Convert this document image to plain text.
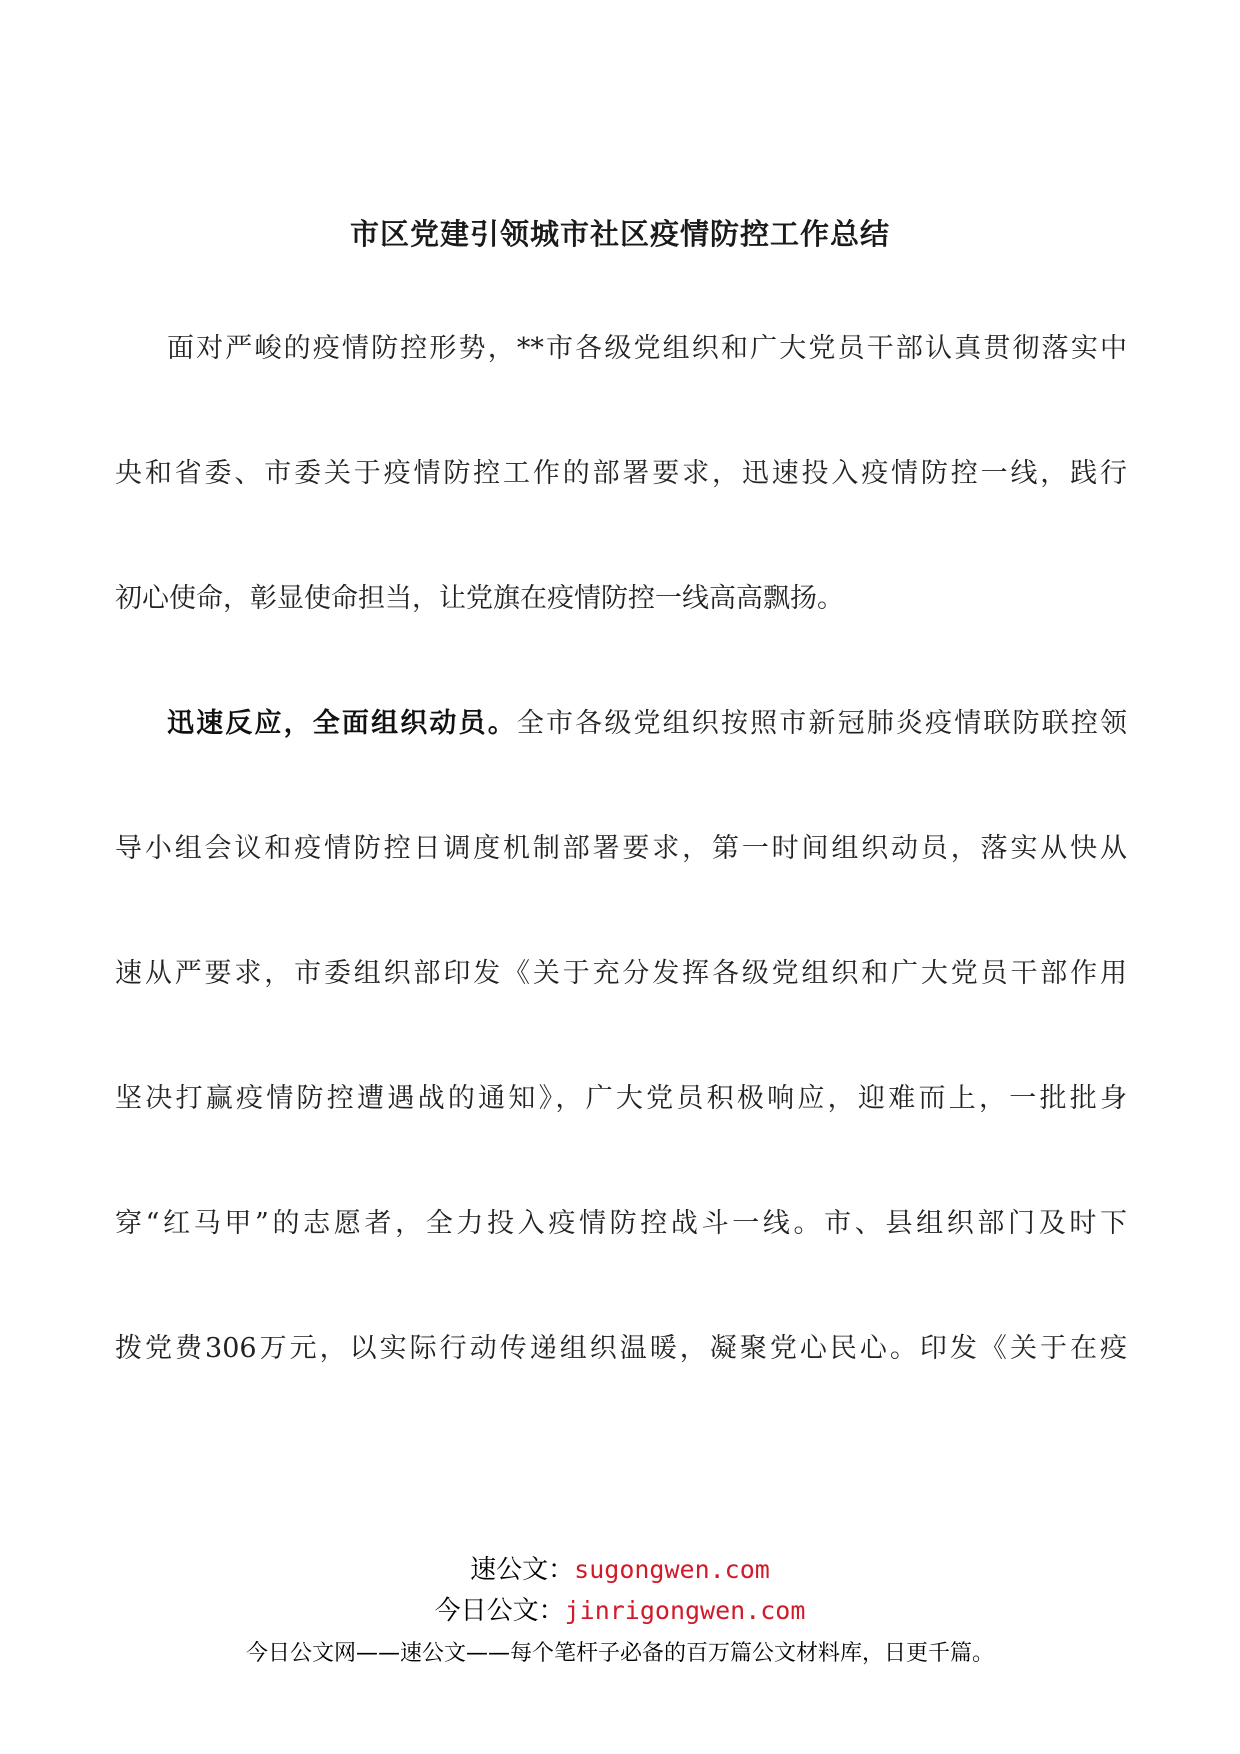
市区党建引领城市社区疫情防控工作总结
面对严峻的疫情防控形势，**市各级党组织和广大党员干部认真贯彻落实中
央和省委、市委关于疫情防控工作的部署要求，迅速投入疫情防控一线，践行
初心使命，彰显使命担当，让党旗在疫情防控一线高高飘扬。
迅速反应，全面组织动员。全市各级党组织按照市新冠肺炎疫情联防联控领
导小组会议和疫情防控日调度机制部署要求，第一时间组织动员，落实从快从
速从严要求，市委组织部印发《关于充分发挥各级党组织和广大党员干部作用
坚决打赢疫情防控遭遇战的通知》，广大党员积极响应，迎难而上，一批批身
穿“红马甲”的志愿者，全力投入疫情防控战斗一线。市、县组织部门及时下
拨党费306万元，以实际行动传递组织温暖，凝聚党心民心。印发《关于在疫
速公文：sugongwen.com
今日公文：jinrigongwen.com
今日公文网——速公文——每个笔杆子必备的百万篇公文材料库，日更千篇。
